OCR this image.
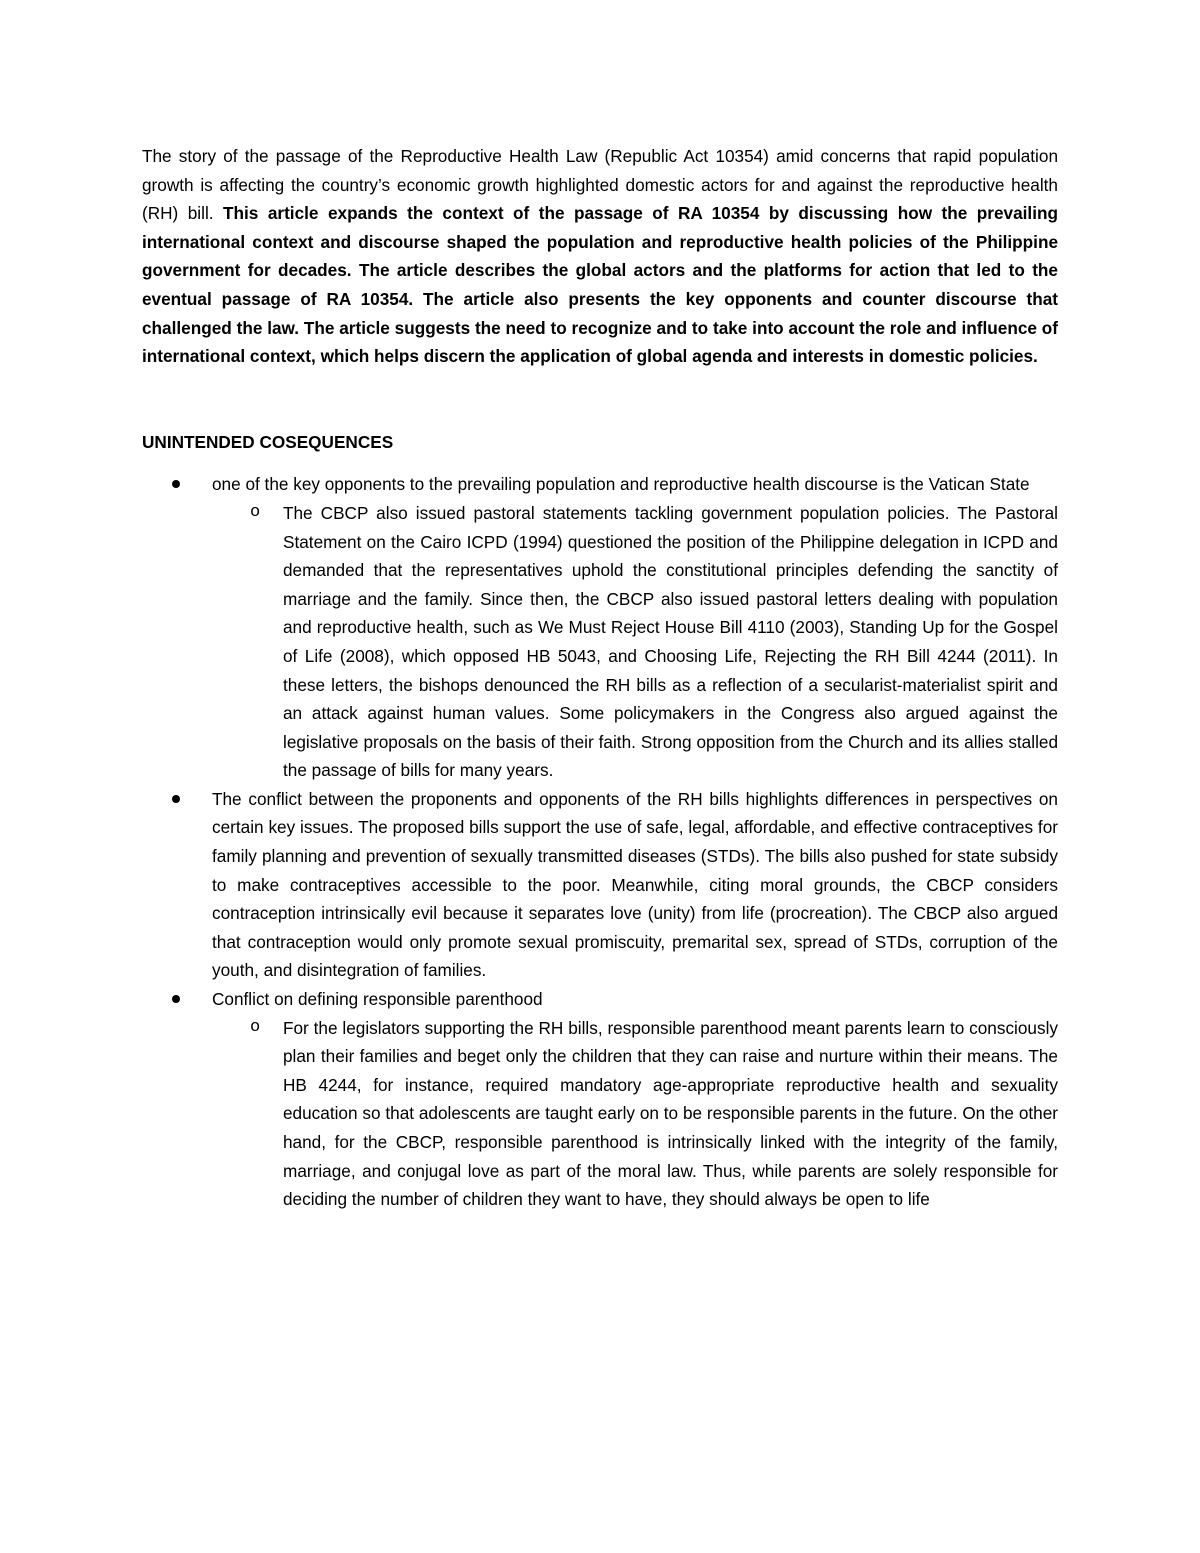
The story of the passage of the Reproductive Health Law (Republic Act 10354) amid concerns that rapid population growth is affecting the country’s economic growth highlighted domestic actors for and against the reproductive health (RH) bill. This article expands the context of the passage of RA 10354 by discussing how the prevailing international context and discourse shaped the population and reproductive health policies of the Philippine government for decades. The article describes the global actors and the platforms for action that led to the eventual passage of RA 10354. The article also presents the key opponents and counter discourse that challenged the law. The article suggests the need to recognize and to take into account the role and influence of international context, which helps discern the application of global agenda and interests in domestic policies.

UNINTENDED COSEQUENCES
one of the key opponents to the prevailing population and reproductive health discourse is the Vatican State
o The CBCP also issued pastoral statements tackling government population policies. The Pastoral Statement on the Cairo ICPD (1994) questioned the position of the Philippine delegation in ICPD and demanded that the representatives uphold the constitutional principles defending the sanctity of marriage and the family. Since then, the CBCP also issued pastoral letters dealing with population and reproductive health, such as We Must Reject House Bill 4110 (2003), Standing Up for the Gospel of Life (2008), which opposed HB 5043, and Choosing Life, Rejecting the RH Bill 4244 (2011). In these letters, the bishops denounced the RH bills as a reflection of a secularist-materialist spirit and an attack against human values. Some policymakers in the Congress also argued against the legislative proposals on the basis of their faith. Strong opposition from the Church and its allies stalled the passage of bills for many years.
The conflict between the proponents and opponents of the RH bills highlights differences in perspectives on certain key issues. The proposed bills support the use of safe, legal, affordable, and effective contraceptives for family planning and prevention of sexually transmitted diseases (STDs). The bills also pushed for state subsidy to make contraceptives accessible to the poor. Meanwhile, citing moral grounds, the CBCP considers contraception intrinsically evil because it separates love (unity) from life (procreation). The CBCP also argued that contraception would only promote sexual promiscuity, premarital sex, spread of STDs, corruption of the youth, and disintegration of families.
Conflict on defining responsible parenthood
o For the legislators supporting the RH bills, responsible parenthood meant parents learn to consciously plan their families and beget only the children that they can raise and nurture within their means. The HB 4244, for instance, required mandatory age-appropriate reproductive health and sexuality education so that adolescents are taught early on to be responsible parents in the future. On the other hand, for the CBCP, responsible parenthood is intrinsically linked with the integrity of the family, marriage, and conjugal love as part of the moral law. Thus, while parents are solely responsible for deciding the number of children they want to have, they should always be open to life
